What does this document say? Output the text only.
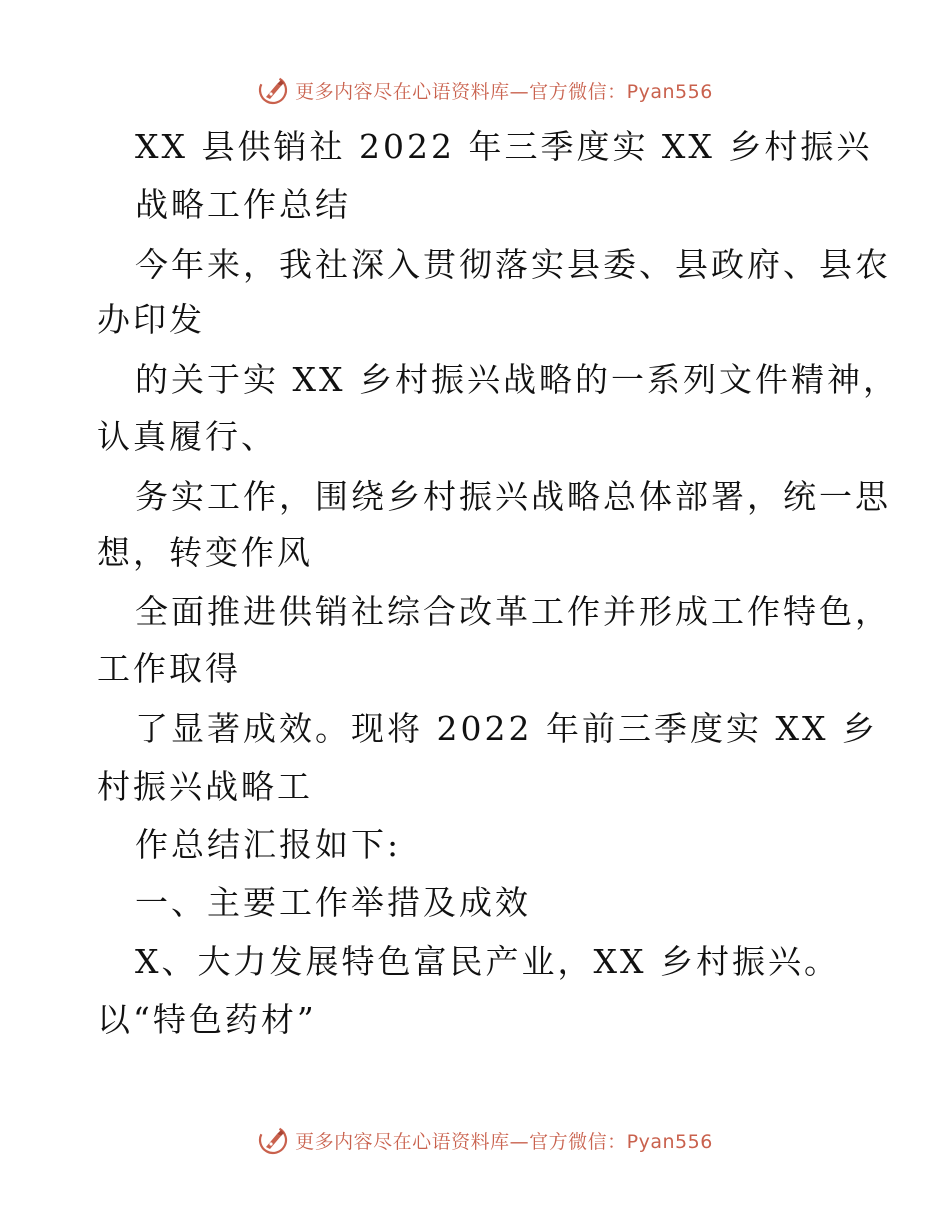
更多内容尽在心语资料库—官方微信：Pyan556
XX 县供销社 2022 年三季度实 XX 乡村振兴
战略工作总结
今年来，我社深入贯彻落实县委、县政府、县农
办印发
的关于实 XX 乡村振兴战略的一系列文件精神，
认真履行、
务实工作，围绕乡村振兴战略总体部署，统一思
想，转变作风
全面推进供销社综合改革工作并形成工作特色，
工作取得
了显著成效。现将 2022 年前三季度实 XX 乡
村振兴战略工
作总结汇报如下:
一、主要工作举措及成效
X、大力发展特色富民产业，XX 乡村振兴。
以“特色药材”
更多内容尽在心语资料库—官方微信：Pyan556
